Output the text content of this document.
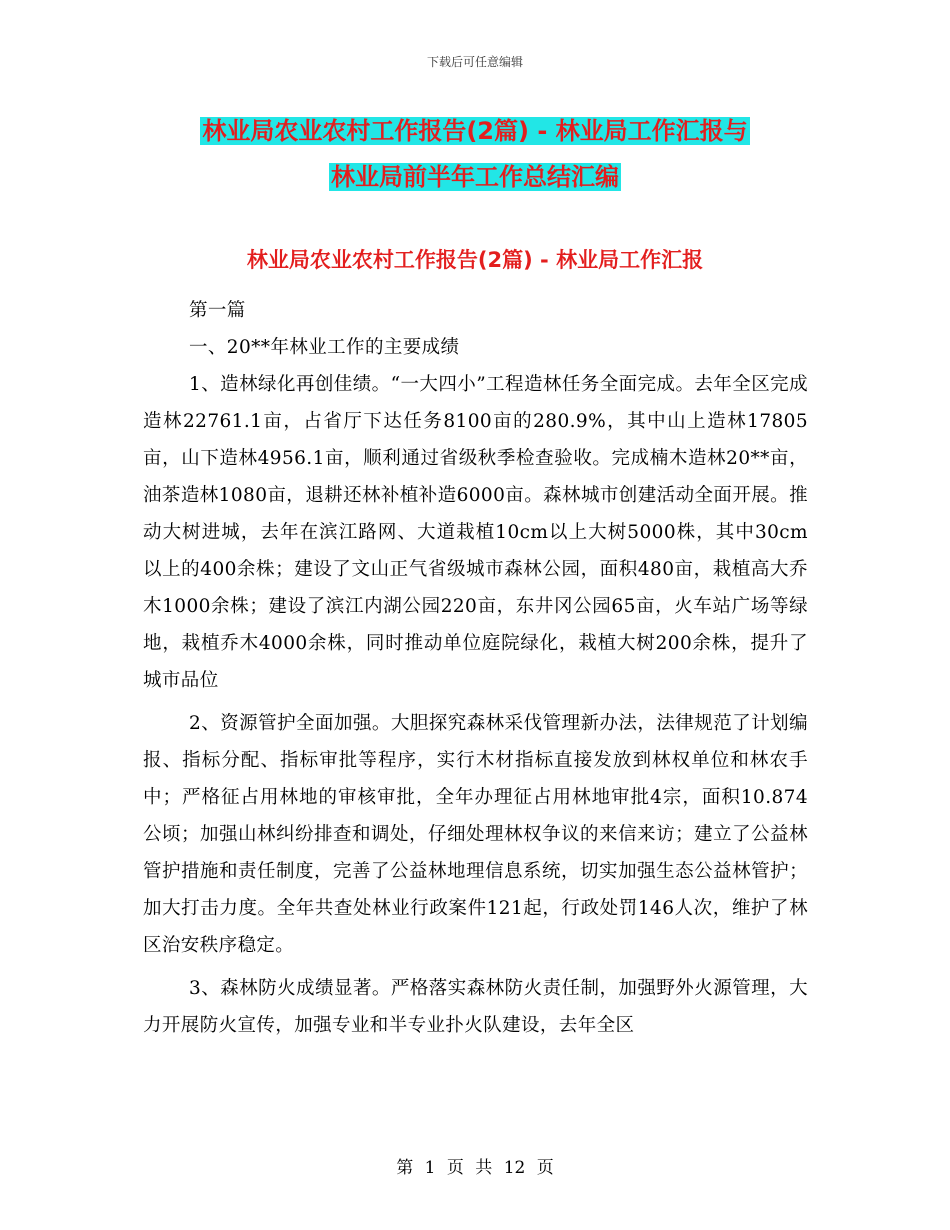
下载后可任意编辑
林业局农业农村工作报告(2篇) - 林业局工作汇报与
林业局前半年工作总结汇编
林业局农业农村工作报告(2篇) - 林业局工作汇报

第一篇

一、20**年林业工作的主要成绩

1、造林绿化再创佳绩。“一大四小”工程造林任务全面完成。去年全区完成造林22761.1亩，占省厅下达任务8100亩的280.9%，其中山上造林17805亩，山下造林4956.1亩，顺利通过省级秋季检查验收。完成楠木造林20**亩，油茶造林1080亩，退耕还林补植补造6000亩。森林城市创建活动全面开展。推动大树进城，去年在滨江路网、大道栽植10cm以上大树5000株，其中30cm以上的400余株；建设了文山正气省级城市森林公园，面积480亩，栽植高大乔木1000余株；建设了滨江内湖公园220亩，东井冈公园65亩，火车站广场等绿地，栽植乔木4000余株，同时推动单位庭院绿化，栽植大树200余株，提升了城市品位

2、资源管护全面加强。大胆探究森林采伐管理新办法，法律规范了计划编报、指标分配、指标审批等程序，实行木材指标直接发放到林权单位和林农手中；严格征占用林地的审核审批，全年办理征占用林地审批4宗，面积10.874公顷；加强山林纠纷排查和调处，仔细处理林权争议的来信来访；建立了公益林管护措施和责任制度，完善了公益林地理信息系统，切实加强生态公益林管护；加大打击力度。全年共查处林业行政案件121起，行政处罚146人次，维护了林区治安秩序稳定。

3、森林防火成绩显著。严格落实森林防火责任制，加强野外火源管理，大力开展防火宣传，加强专业和半专业扑火队建设，去年全区

第 1 页 共 12 页
